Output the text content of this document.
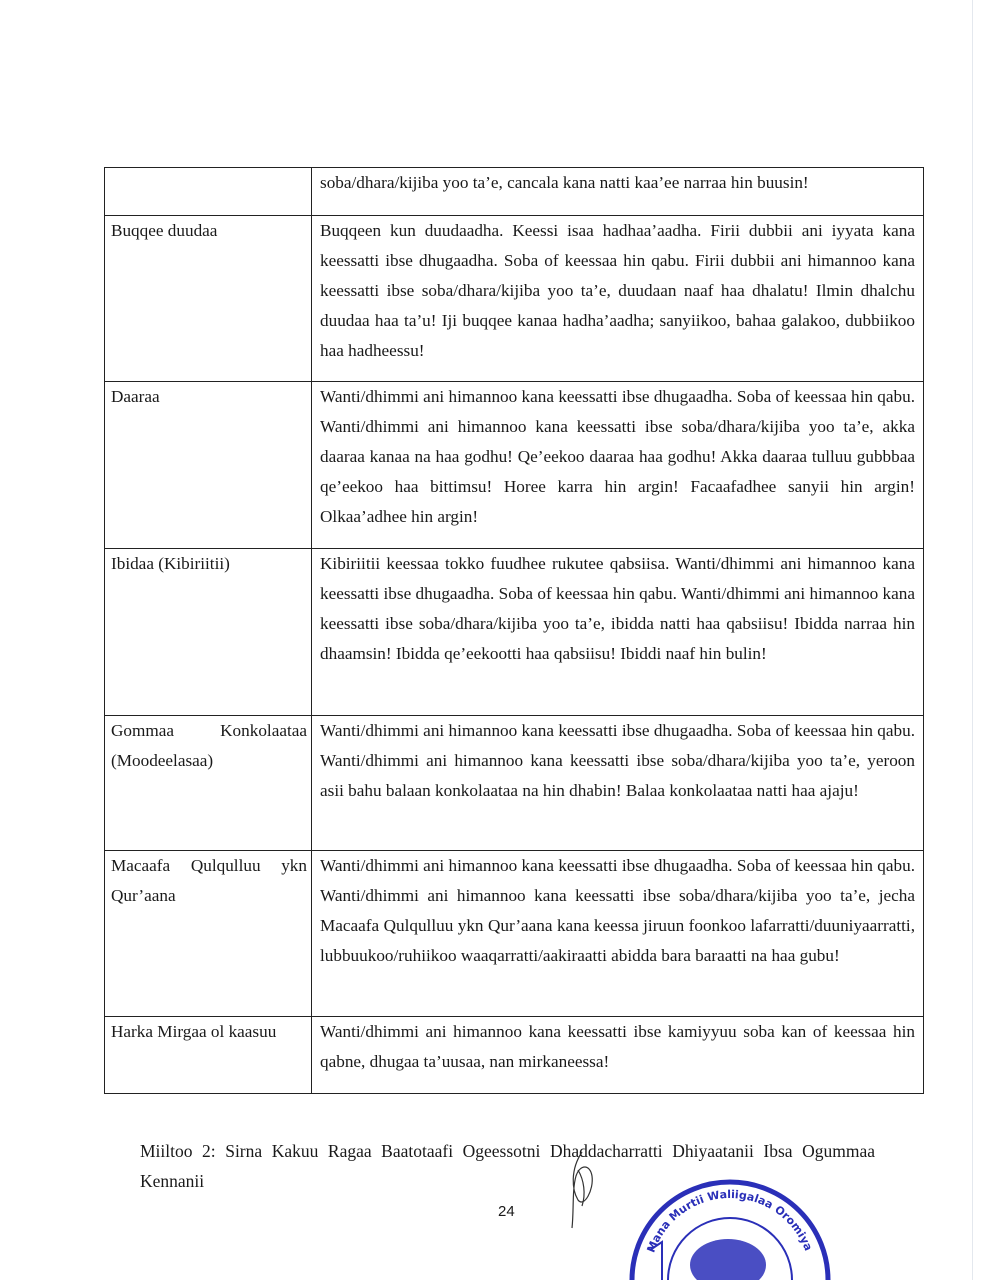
	soba/dhara/kijiba yoo ta’e, cancala kana natti kaa’ee narraa hin buusin!
Buqqee duudaa	Buqqeen kun duudaadha. Keessi isaa hadhaa’aadha. Firii dubbii ani iyyata kana keessatti ibse dhugaadha. Soba of keessaa hin qabu. Firii dubbii ani himannoo kana keessatti ibse soba/dhara/kijiba yoo ta’e, duudaan naaf haa dhalatu! Ilmin dhalchu duudaa haa ta’u! Iji buqqee kanaa hadha’aadha; sanyiikoo, bahaa galakoo, dubbiikoo haa hadheessu!
Daaraa	Wanti/dhimmi ani himannoo kana keessatti ibse dhugaadha. Soba of keessaa hin qabu. Wanti/dhimmi ani himannoo kana keessatti ibse soba/dhara/kijiba yoo ta’e, akka daaraa kanaa na haa godhu! Qe’eekoo daaraa haa godhu! Akka daaraa tulluu gubbbaa qe’eekoo haa bittimsu! Horee karra hin argin! Facaafadhee sanyii hin argin! Olkaa’adhee hin argin!
Ibidaa (Kibiriitii)	Kibiriitii keessaa tokko fuudhee rukutee qabsiisa. Wanti/dhimmi ani himannoo kana keessatti ibse dhugaadha. Soba of keessaa hin qabu. Wanti/dhimmi ani himannoo kana keessatti ibse soba/dhara/kijiba yoo ta’e, ibidda natti haa qabsiisu! Ibidda narraa hin dhaamsin! Ibidda qe’eekootti haa qabsiisu! Ibiddi naaf hin bulin!
Gommaa Konkolaataa (Moodeelasaa)	Wanti/dhimmi ani himannoo kana keessatti ibse dhugaadha. Soba of keessaa hin qabu. Wanti/dhimmi ani himannoo kana keessatti ibse soba/dhara/kijiba yoo ta’e, yeroon asii bahu balaan konkolaataa na hin dhabin! Balaa konkolaataa natti haa ajaju!
Macaafa Qulqulluu ykn Qur’aana	Wanti/dhimmi ani himannoo kana keessatti ibse dhugaadha. Soba of keessaa hin qabu. Wanti/dhimmi ani himannoo kana keessatti ibse soba/dhara/kijiba yoo ta’e, jecha Macaafa Qulqulluu ykn Qur’aana kana keessa jiruun foonkoo lafarratti/duuniyaarratti, lubbuukoo/ruhiikoo waaqarratti/aakiraatti abidda bara baraatti na haa gubu!
Harka Mirgaa ol kaasuu	Wanti/dhimmi ani himannoo kana keessatti ibse kamiyyuu soba kan of keessaa hin qabne, dhugaa ta’uusaa, nan mirkaneessa!
Miiltoo 2: Sirna Kakuu Ragaa Baatotaafi Ogeessotni Dhaddacharratti Dhiyaatanii Ibsa Ogummaa Kennanii
24
Mana Murtii Waliigalaa Oromiya
